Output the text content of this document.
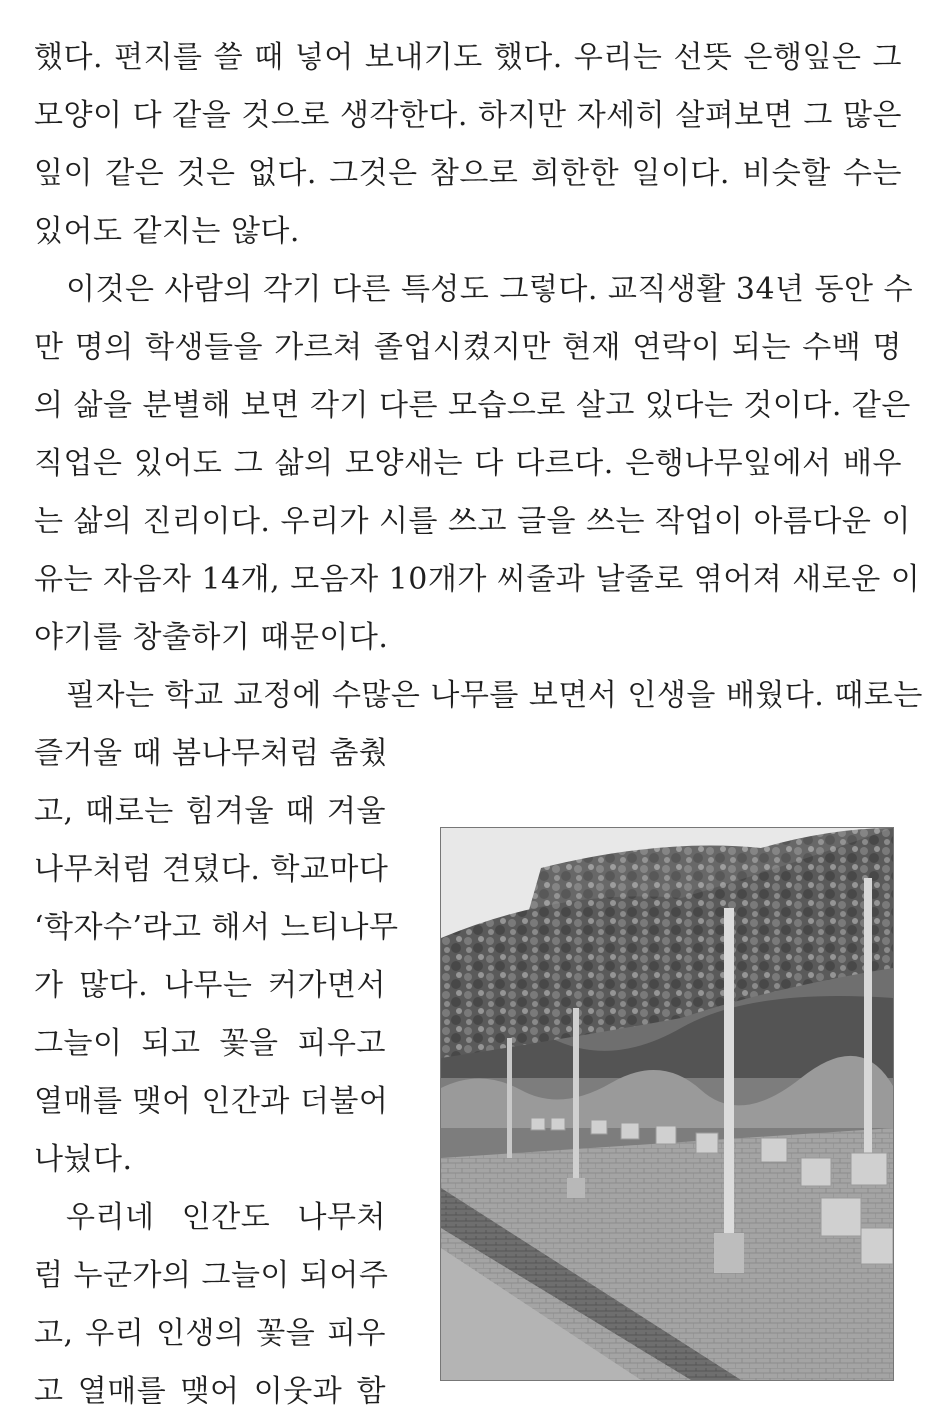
했다. 편지를 쓸 때 넣어 보내기도 했다. 우리는 선뜻 은행잎은 그
모양이 다 같을 것으로 생각한다. 하지만 자세히 살펴보면 그 많은
잎이 같은 것은 없다. 그것은 참으로 희한한 일이다. 비슷할 수는
있어도 같지는 않다.
이것은 사람의 각기 다른 특성도 그렇다. 교직생활 34년 동안 수
만 명의 학생들을 가르쳐 졸업시켰지만 현재 연락이 되는 수백 명
의 삶을 분별해 보면 각기 다른 모습으로 살고 있다는 것이다. 같은
직업은 있어도 그 삶의 모양새는 다 다르다. 은행나무잎에서 배우
는 삶의 진리이다. 우리가 시를 쓰고 글을 쓰는 작업이 아름다운 이
유는 자음자 14개, 모음자 10개가 씨줄과 날줄로 엮어져 새로운 이
야기를 창출하기 때문이다.
필자는 학교 교정에 수많은 나무를 보면서 인생을 배웠다. 때로는
즐거울 때 봄나무처럼 춤췄
고, 때로는 힘겨울 때 겨울
나무처럼 견뎠다. 학교마다
‘학자수’라고 해서 느티나무
가 많다. 나무는 커가면서
그늘이 되고 꽃을 피우고
열매를 맺어 인간과 더불어
나눴다.
우리네 인간도 나무처
럼 누군가의 그늘이 되어주
고, 우리 인생의 꽃을 피우
고 열매를 맺어 이웃과 함
